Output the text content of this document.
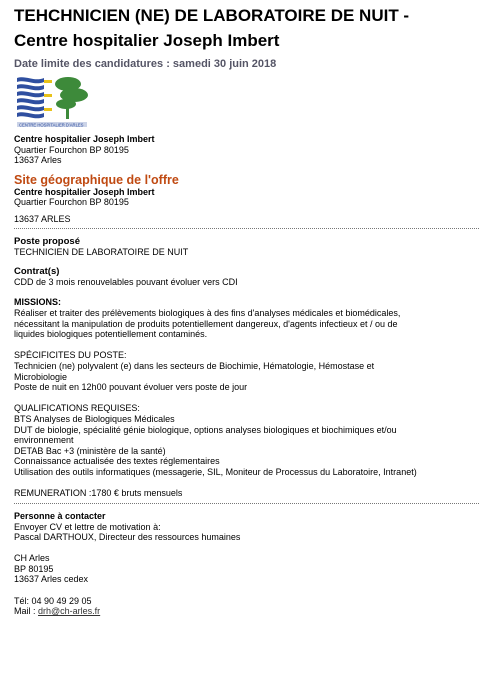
TEHCHNICIEN (NE) DE LABORATOIRE DE NUIT -
Centre hospitalier Joseph Imbert
Date limite des candidatures : samedi 30 juin 2018
CENTRE HOSPITALIER D'ARLES
Centre hospitalier Joseph Imbert
Quartier Fourchon BP 80195
13637 Arles
Site géographique de l'offre
Centre hospitalier Joseph Imbert
Quartier Fourchon BP 80195
13637 ARLES
Poste proposé
TECHNICIEN DE LABORATOIRE DE NUIT
Contrat(s)
CDD de 3 mois renouvelables pouvant évoluer vers CDI
MISSIONS:
Réaliser et traiter des prélèvements biologiques à des fins d'analyses médicales et biomédicales,
nécessitant la manipulation de produits potentiellement dangereux, d'agents infectieux et / ou de
liquides biologiques potentiellement contaminés.
SPÉCIFICITES DU POSTE:
Technicien (ne) polyvalent (e) dans les secteurs de Biochimie, Hématologie, Hémostase et
Microbiologie
Poste de nuit en 12h00 pouvant évoluer vers poste de jour
QUALIFICATIONS REQUISES:
BTS Analyses de Biologiques Médicales
DUT de biologie, spécialité génie biologique, options analyses biologiques et biochimiques et/ou
environnement
DETAB Bac +3 (ministère de la santé)
Connaissance actualisée des textes réglementaires
Utilisation des outils informatiques (messagerie, SIL, Moniteur de Processus du Laboratoire, Intranet)
REMUNERATION :1780 € bruts mensuels
Personne à contacter
Envoyer CV et lettre de motivation à:
Pascal DARTHOUX, Directeur des ressources humaines
CH Arles
BP 80195
13637 Arles cedex
Tél: 04 90 49 29 05
Mail : drh@ch-arles.fr
